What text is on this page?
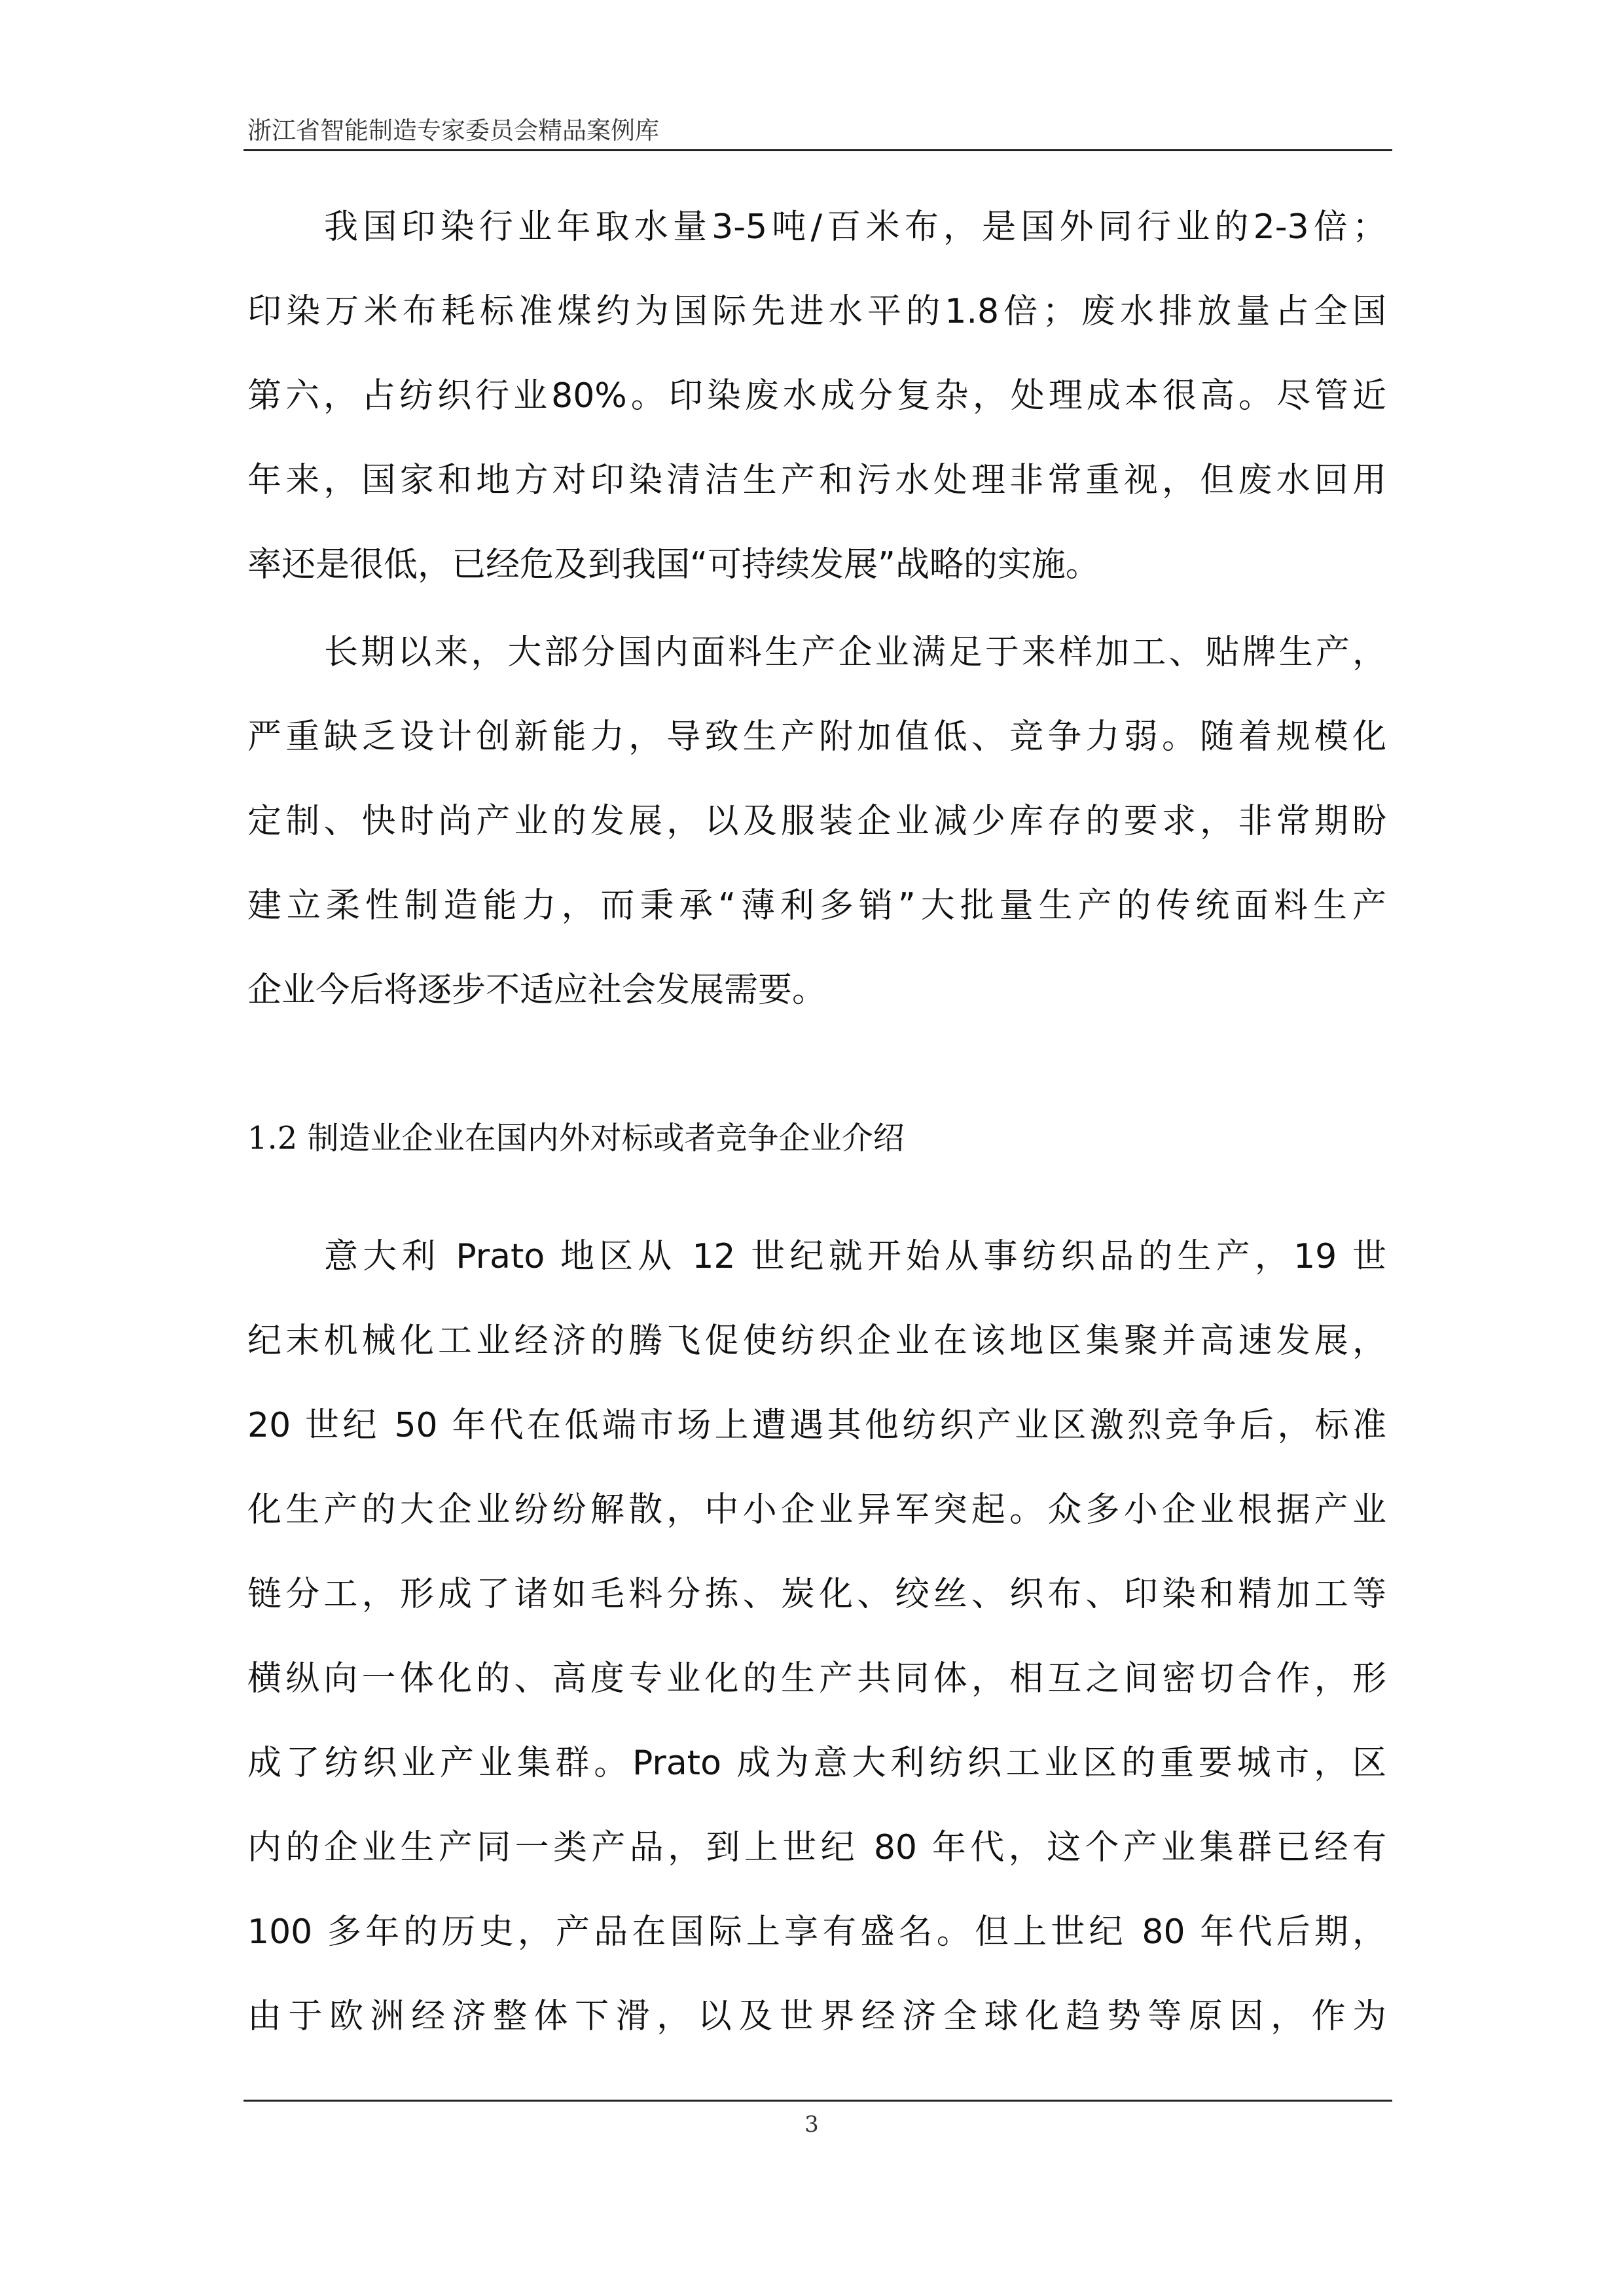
浙江省智能制造专家委员会精品案例库
我国印染行业年取水量3-5吨/百米布，是国外同行业的2-3倍；
印染万米布耗标准煤约为国际先进水平的1.8倍；废水排放量占全国
第六，占纺织行业80%。印染废水成分复杂，处理成本很高。尽管近
年来，国家和地方对印染清洁生产和污水处理非常重视，但废水回用
率还是很低，已经危及到我国“可持续发展”战略的实施。
长期以来，大部分国内面料生产企业满足于来样加工、贴牌生产，
严重缺乏设计创新能力，导致生产附加值低、竞争力弱。随着规模化
定制、快时尚产业的发展，以及服装企业减少库存的要求，非常期盼
建立柔性制造能力，而秉承“薄利多销”大批量生产的传统面料生产
企业今后将逐步不适应社会发展需要。
1.2 制造业企业在国内外对标或者竞争企业介绍
意大利 Prato 地区从 12 世纪就开始从事纺织品的生产，19 世
纪末机械化工业经济的腾飞促使纺织企业在该地区集聚并高速发展，
20 世纪 50 年代在低端市场上遭遇其他纺织产业区激烈竞争后，标准
化生产的大企业纷纷解散，中小企业异军突起。众多小企业根据产业
链分工，形成了诸如毛料分拣、炭化、绞丝、织布、印染和精加工等
横纵向一体化的、高度专业化的生产共同体，相互之间密切合作，形
成了纺织业产业集群。Prato 成为意大利纺织工业区的重要城市，区
内的企业生产同一类产品，到上世纪 80 年代，这个产业集群已经有
100 多年的历史，产品在国际上享有盛名。但上世纪 80 年代后期，
由于欧洲经济整体下滑，以及世界经济全球化趋势等原因，作为
3
